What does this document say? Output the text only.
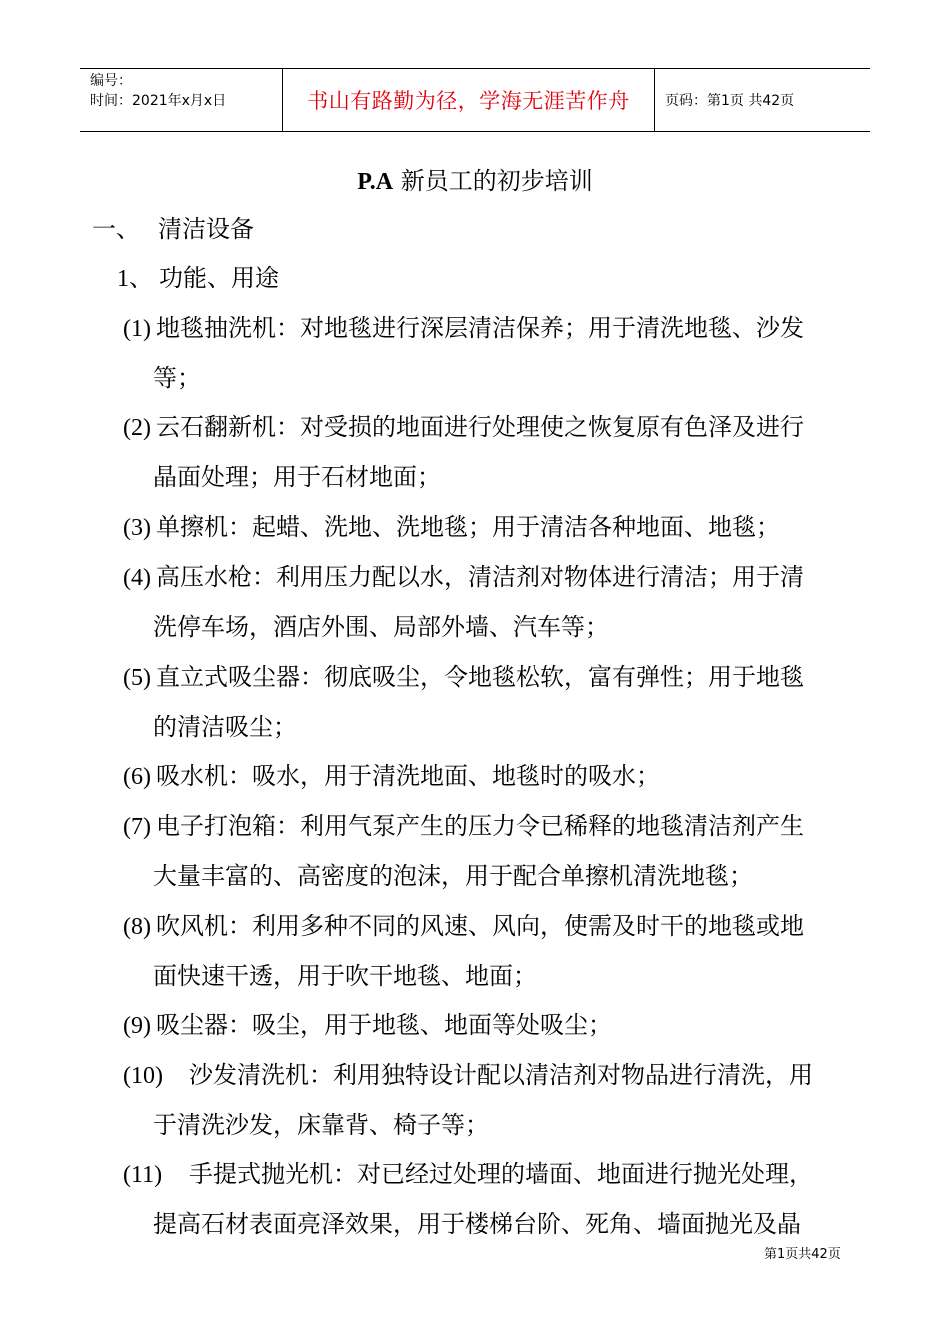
编号：
时间：2021年x月x日	书山有路勤为径，学海无涯苦作舟	页码：第1页 共42页
P.A 新员工的初步培训
一、 清洁设备
1、 功能、用途
(1) 地毯抽洗机：对地毯进行深层清洁保养；用于清洗地毯、沙发
等；
(2) 云石翻新机：对受损的地面进行处理使之恢复原有色泽及进行
晶面处理；用于石材地面；
(3) 单擦机：起蜡、洗地、洗地毯；用于清洁各种地面、地毯；
(4) 高压水枪：利用压力配以水，清洁剂对物体进行清洁；用于清
洗停车场，酒店外围、局部外墙、汽车等；
(5) 直立式吸尘器：彻底吸尘，令地毯松软，富有弹性；用于地毯
的清洁吸尘；
(6) 吸水机：吸水，用于清洗地面、地毯时的吸水；
(7) 电子打泡箱：利用气泵产生的压力令已稀释的地毯清洁剂产生
大量丰富的、高密度的泡沫，用于配合单擦机清洗地毯；
(8) 吹风机：利用多种不同的风速、风向，使需及时干的地毯或地
面快速干透，用于吹干地毯、地面；
(9) 吸尘器：吸尘，用于地毯、地面等处吸尘；
(10) 沙发清洗机：利用独特设计配以清洁剂对物品进行清洗，用
于清洗沙发，床靠背、椅子等；
(11) 手提式抛光机：对已经过处理的墙面、地面进行抛光处理，
提高石材表面亮泽效果，用于楼梯台阶、死角、墙面抛光及晶
第1页共42页
